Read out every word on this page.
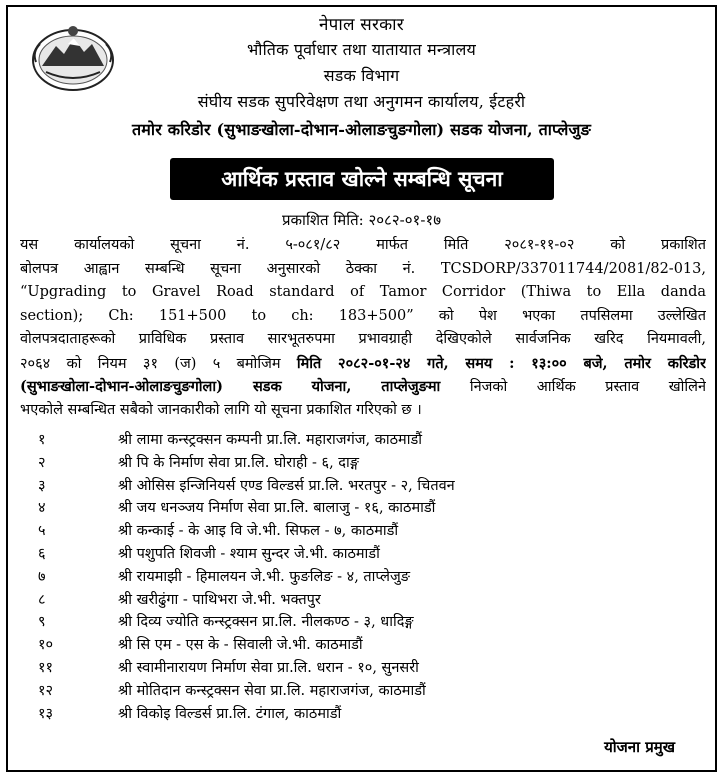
नेपाल सरकार
भौतिक पूर्वाधार तथा यातायात मन्त्रालय
सडक विभाग
संघीय सडक सुपरिवेक्षण तथा अनुगमन कार्यालय, ईटहरी
तमोर करिडोर (सुभाङखोला-दोभान-ओलाङचुङगोला) सडक योजना, ताप्लेजुङ
आर्थिक प्रस्ताव खोल्ने सम्बन्धि सूचना
प्रकाशित मिति: २०८२-०१-१७
यस कार्यालयको सूचना नं. ५-०८१/८२ मार्फत मिति २०८१-११-०२ को प्रकाशित
बोलपत्र आह्वान सम्बन्धि सूचना अनुसारको ठेक्का नं. TCSDORP/337011744/2081/82-013,
“Upgrading to Gravel Road standard of Tamor Corridor (Thiwa to Ella danda
section); Ch: 151+500 to ch: 183+500” को पेश भएका तपसिलमा उल्लेखित
वोलपत्रदाताहरूको प्राविधिक प्रस्ताव सारभूतरुपमा प्रभावग्राही देखिएकोले सार्वजनिक खरिद नियमावली,
२०६४ को नियम ३१ (ज) ५ बमोजिम मिति २०८२-०१-२४ गते, समय : १३:०० बजे, तमोर करिडोर
(सुभाङखोला-दोभान-ओलाङचुङगोला) सडक योजना, ताप्लेजुङमा निजको आर्थिक प्रस्ताव खोलिने
भएकोले सम्बन्धित सबैको जानकारीको लागि यो सूचना प्रकाशित गरिएको छ ।
१	श्री लामा कन्स्ट्रक्सन कम्पनी प्रा.लि. महाराजगंज, काठमाडौं
२	श्री पि के निर्माण सेवा प्रा.लि. घोराही - ६, दाङ्ग
३	श्री ओसिस इन्जिनियर्स एण्ड विल्डर्स प्रा.लि. भरतपुर - २, चितवन
४	श्री जय धनञ्जय निर्माण सेवा प्रा.लि. बालाजु - १६, काठमाडौं
५	श्री कन्काई - के आइ वि जे.भी. सिफल - ७, काठमाडौं
६	श्री पशुपति शिवजी - श्याम सुन्दर जे.भी. काठमाडौं
७	श्री रायमाझी - हिमालयन जे.भी. फुङलिङ - ४, ताप्लेजुङ
८	श्री खरीढुंगा - पाथिभरा जे.भी. भक्तपुर
९	श्री दिव्य ज्योति कन्स्ट्रक्सन प्रा.लि. नीलकण्ठ - ३, धादिङ्ग
१०	श्री सि एम - एस के - सिवाली जे.भी. काठमाडौं
११	श्री स्वामीनारायण निर्माण सेवा प्रा.लि. धरान - १०, सुनसरी
१२	श्री मोतिदान कन्स्ट्रक्सन सेवा प्रा.लि. महाराजगंज, काठमाडौं
१३	श्री विकोइ विल्डर्स प्रा.लि. टंगाल, काठमाडौं
योजना प्रमुख
